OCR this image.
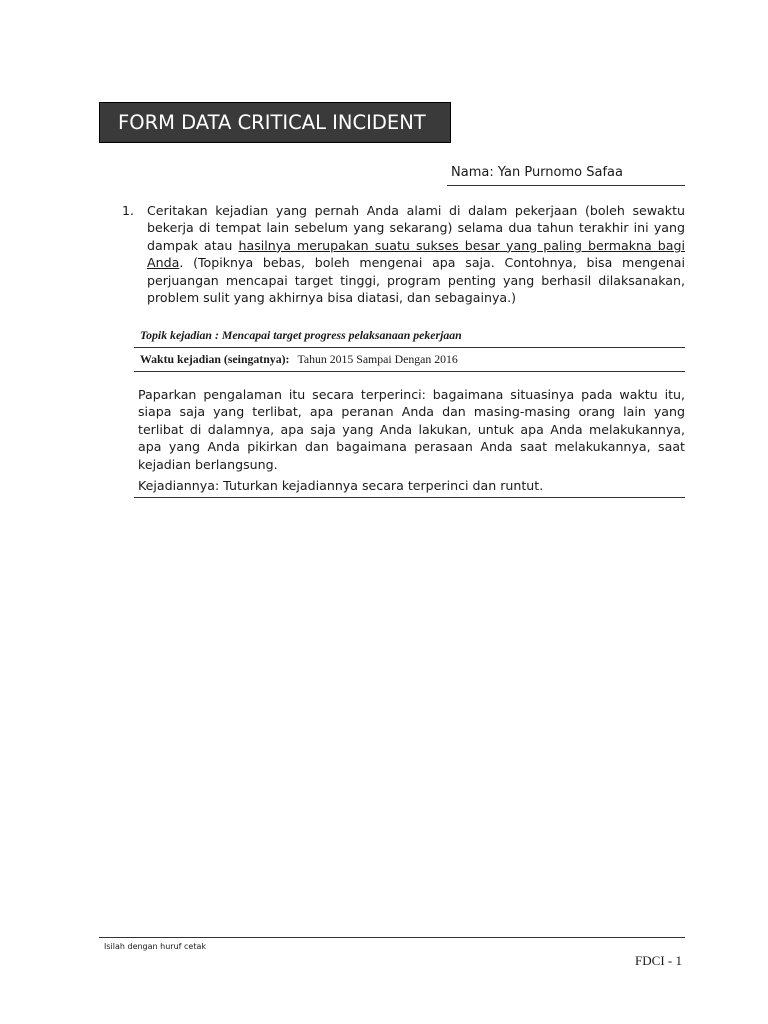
FORM DATA CRITICAL INCIDENT
Nama: Yan Purnomo Safaa
1. Ceritakan kejadian yang pernah Anda alami di dalam pekerjaan (boleh sewaktu bekerja di tempat lain sebelum yang sekarang) selama dua tahun terakhir ini yang dampak atau hasilnya merupakan suatu sukses besar yang paling bermakna bagi Anda. (Topiknya bebas, boleh mengenai apa saja. Contohnya, bisa mengenai perjuangan mencapai target tinggi, program penting yang berhasil dilaksanakan, problem sulit yang akhirnya bisa diatasi, dan sebagainya.)
Topik kejadian : Mencapai target progress pelaksanaan pekerjaan
Waktu kejadian (seingatnya): Tahun 2015 Sampai Dengan 2016
Paparkan pengalaman itu secara terperinci: bagaimana situasinya pada waktu itu, siapa saja yang terlibat, apa peranan Anda dan masing-masing orang lain yang terlibat di dalamnya, apa saja yang Anda lakukan, untuk apa Anda melakukannya, apa yang Anda pikirkan dan bagaimana perasaan Anda saat melakukannya, saat kejadian berlangsung.
Kejadiannya: Tuturkan kejadiannya secara terperinci dan runtut.
Isilah dengan huruf cetak
FDCI - 1
